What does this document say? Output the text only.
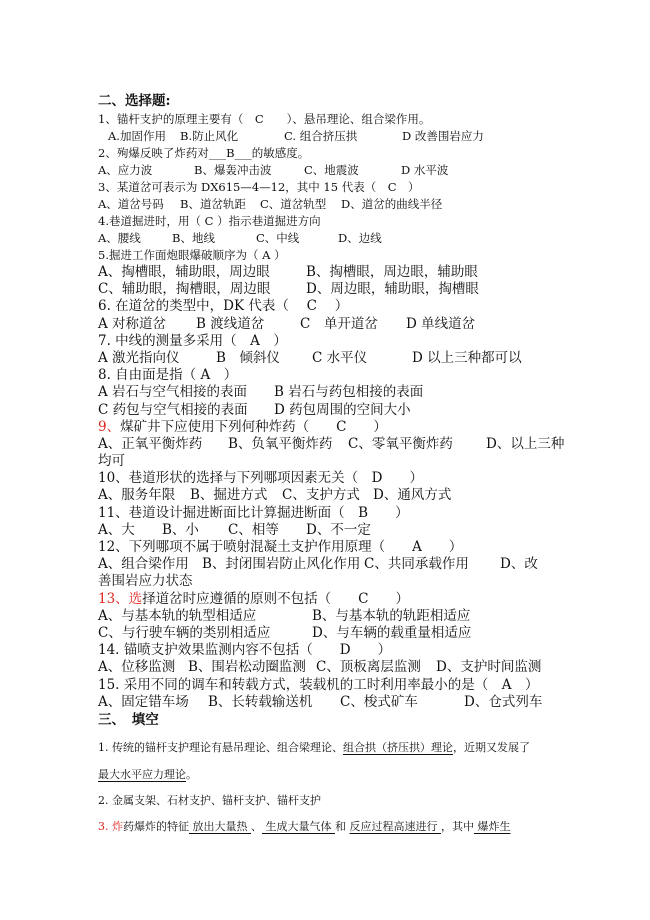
二、选择题:
1、锚杆支护的原理主要有（　C　　）、悬吊理论、组合梁作用。
A.加固作用 B.防止风化	C. 组合挤压拱	D 改善围岩应力
2、殉爆反映了炸药对___B___的敏感度。
A、应力波	B、爆轰冲击波	C、地震波	D 水平波
3、某道岔可表示为 DX615—4—12，其中 15 代表（　C　）
A、道岔号码 B、道岔轨距 C、道岔轨型 D、道岔的曲线半径
4.巷道掘进时，用（ C ）指示巷道掘进方向
A、腰线	B、地线	C、中线	D、边线
5.掘进工作面炮眼爆破顺序为（ A ）
A、掏槽眼，辅助眼，周边眼	B、掏槽眼，周边眼，辅助眼
C、辅助眼，掏槽眼，周边眼	D、周边眼，辅助眼，掏槽眼
6. 在道岔的类型中，DK 代表（　 C　 ）
A 对称道岔 B 渡线道岔	C　单开道岔 D 单线道岔
7. 中线的测量多采用（　A　）
A 激光指向仪	B　倾斜仪 C 水平仪	D 以上三种都可以
8. 自由面是指（ A　）
A 岩石与空气相接的表面 B 岩石与药包相接的表面
C 药包与空气相接的表面 D 药包周围的空间大小
9、煤矿井下应使用下列何种炸药（　　C　　）
A、正氧平衡炸药 B、负氧平衡炸药 C、零氧平衡炸药 D、以上三种
均可
10、巷道形状的选择与下列哪项因素无关（　D　　）
A、服务年限 B、掘进方式 C、支护方式 D、通风方式
11、巷道设计掘进断面比计算掘进断面（　B　　）
A、大 B、小 C、相等 D、不一定
12、下列哪项不属于喷射混凝土支护作用原理（　　A　　）
A、组合梁作用 B、封闭围岩防止风化作用 C、共同承载作用 D、改
善围岩应力状态
13、选择道岔时应遵循的原则不包括（　　C　　）
A、与基本轨的轨型相适应	B、与基本轨的轨距相适应
C、与行驶车辆的类别相适应	D、与车辆的载重量相适应
14. 锚喷支护效果监测内容不包括（　　D　　）
A、位移监测 B、围岩松动圈监测 C、顶板离层监测 D、支护时间监测
15. 采用不同的调车和转载方式，装载机的工时利用率最小的是（　A　）
A、固定错车场 B、长转载输送机 C、梭式矿车	D、仓式列车
三、　填空
1. 传统的锚杆支护理论有悬吊理论、组合梁理论、组合拱（挤压拱）理论，近期又发展了
最大水平应力理论。
2. 金属支架、石材支护、锚杆支护、锚杆支护
3. 炸药爆炸的特征 放出大量热 、 生成大量气体 和 反应过程高速进行 ，其中 爆炸生
